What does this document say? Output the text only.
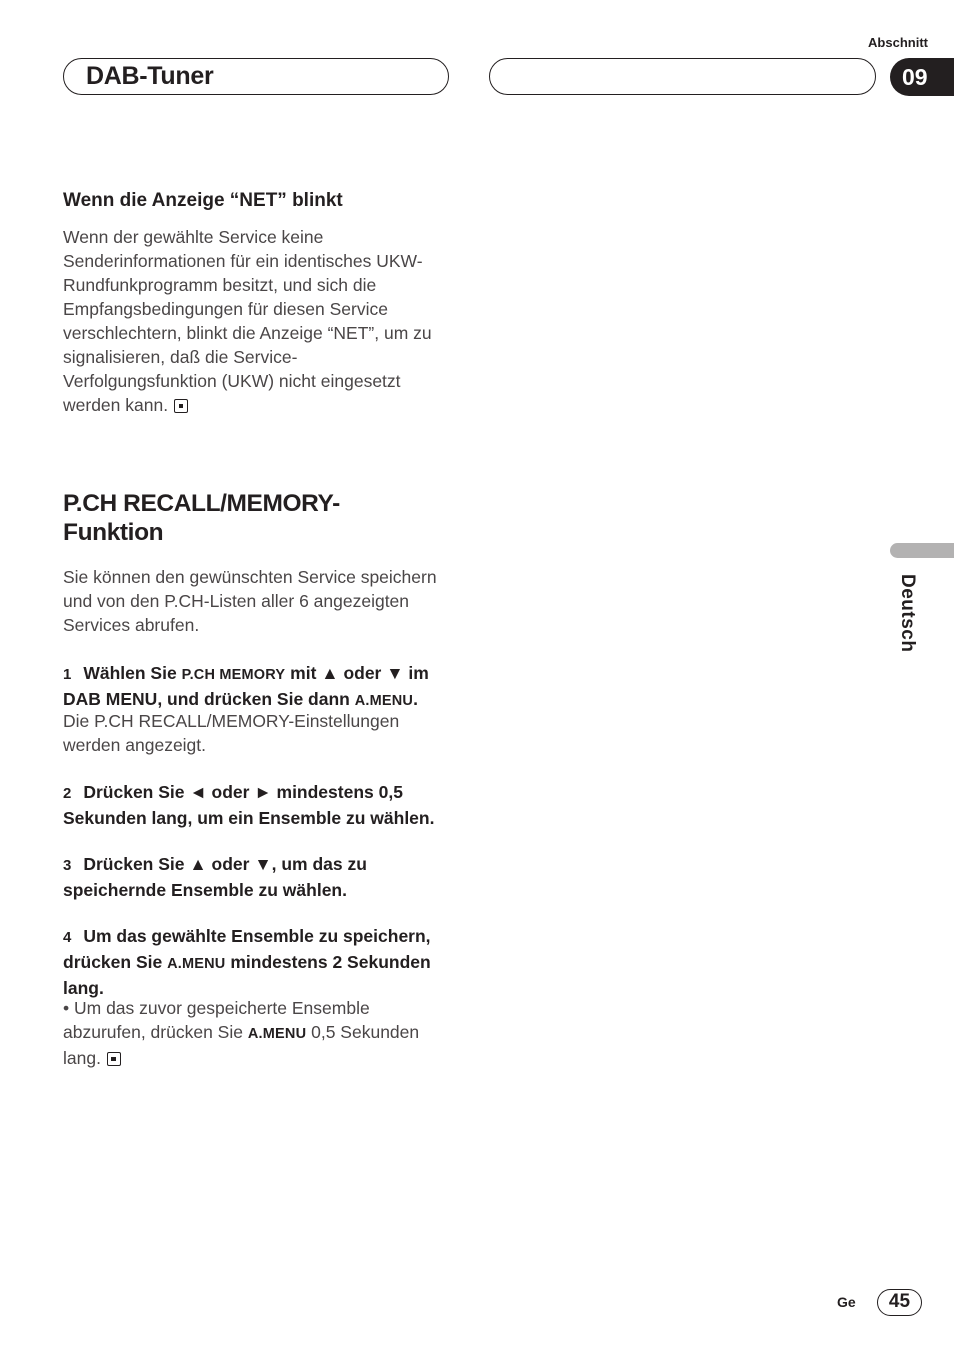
Abschnitt
DAB-Tuner	09
Wenn die Anzeige “NET” blinkt
Wenn der gewählte Service keine
Senderinformationen für ein identisches UKW-
Rundfunkprogramm besitzt, und sich die
Empfangsbedingungen für diesen Service
verschlechtern, blinkt die Anzeige “NET”, um zu
signalisieren, daß die Service-
Verfolgungsfunktion (UKW) nicht eingesetzt
werden kann.
P.CH RECALL/MEMORY-
Funktion
Sie können den gewünschten Service speichern
und von den P.CH-Listen aller 6 angezeigten
Services abrufen.
1 Wählen Sie P.CH MEMORY mit ▲ oder ▼ im
DAB MENU, und drücken Sie dann A.MENU.
Die P.CH RECALL/MEMORY-Einstellungen
werden angezeigt.
2 Drücken Sie ◄ oder ► mindestens 0,5
Sekunden lang, um ein Ensemble zu wählen.
3 Drücken Sie ▲ oder ▼, um das zu
speichernde Ensemble zu wählen.
4 Um das gewählte Ensemble zu speichern,
drücken Sie A.MENU mindestens 2 Sekunden
lang.
• Um das zuvor gespeicherte Ensemble
abzurufen, drücken Sie A.MENU 0,5 Sekunden
lang.
Deutsch
Ge	45
